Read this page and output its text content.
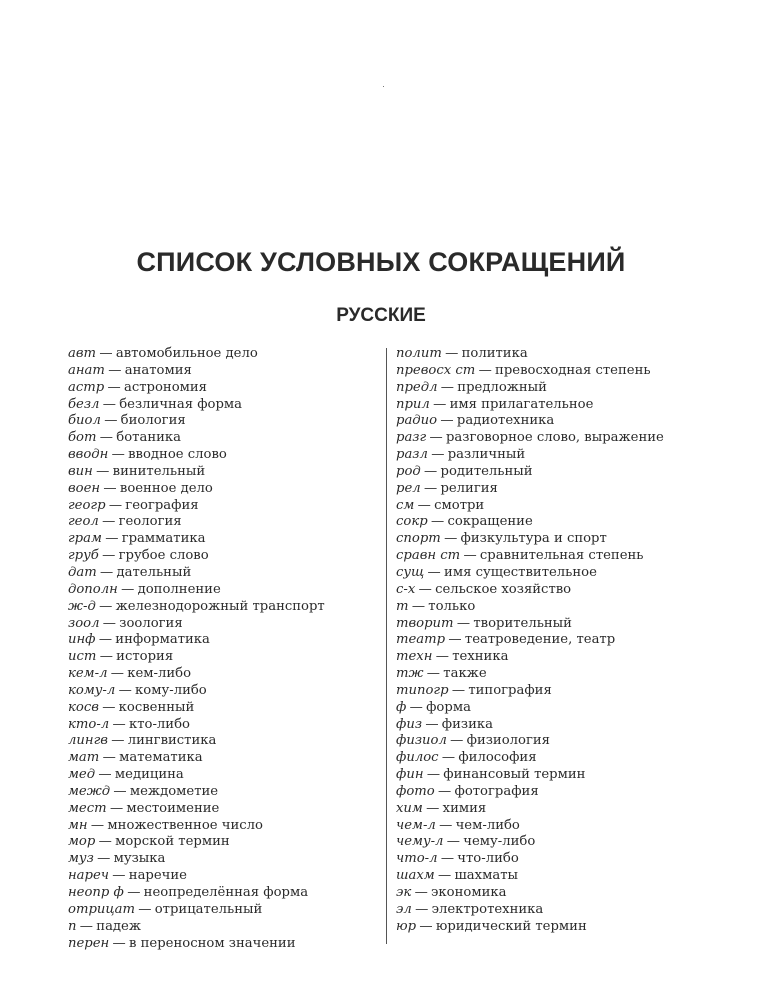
СПИСОК УСЛОВНЫХ СОКРАЩЕНИЙ
РУССКИЕ
авт — автомобильное дело
анат — анатомия
астр — астрономия
безл — безличная форма
биол — биология
бот — ботаника
вводн — вводное слово
вин — винительный
воен — военное дело
геогр — география
геол — геология
грам — грамматика
груб — грубое слово
дат — дательный
дополн — дополнение
ж-д — железнодорожный транспорт
зоол — зоология
инф — информатика
ист — история
кем-л — кем-либо
кому-л — кому-либо
косв — косвенный
кто-л — кто-либо
лингв — лингвистика
мат — математика
мед — медицина
межд — междометие
мест — местоимение
мн — множественное число
мор — морской термин
муз — музыка
нареч — наречие
неопр ф — неопределённая форма
отрицат — отрицательный
п — падеж
перен — в переносном значении
полит — политика
превосх ст — превосходная степень
предл — предложный
прил — имя прилагательное
радио — радиотехника
разг — разговорное слово, выражение
разл — различный
род — родительный
рел — религия
см — смотри
сокр — сокращение
спорт — физкультура и спорт
сравн ст — сравнительная степень
сущ — имя существительное
с-х — сельское хозяйство
т — только
творит — творительный
театр — театроведение, театр
техн — техника
тж — также
типогр — типография
ф — форма
физ — физика
физиол — физиология
филос — философия
фин — финансовый термин
фото — фотография
хим — химия
чем-л — чем-либо
чему-л — чему-либо
что-л — что-либо
шахм — шахматы
эк — экономика
эл — электротехника
юр — юридический термин
